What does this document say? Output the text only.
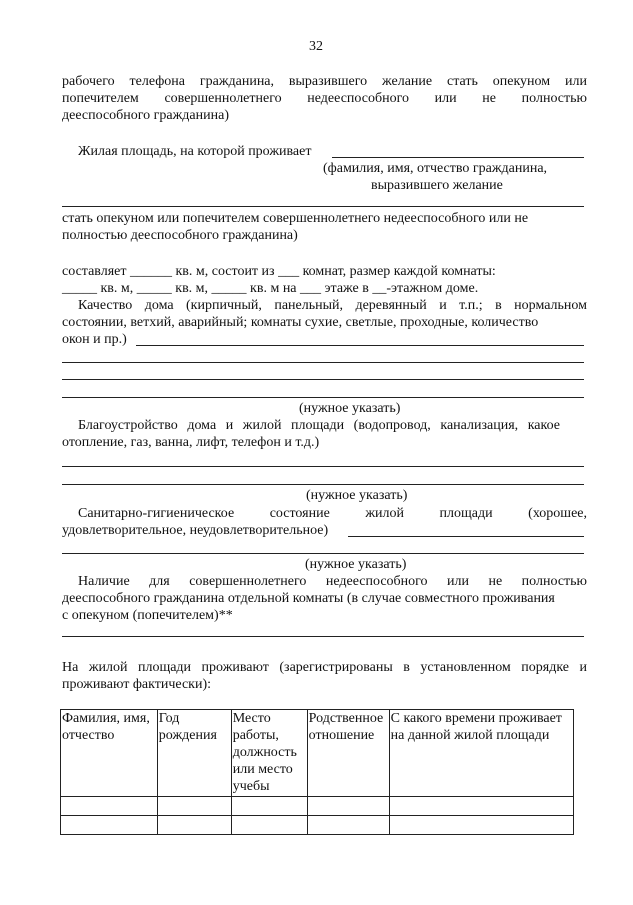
32
рабочего телефона гражданина, выразившего желание стать опекуном или
попечителем совершеннолетнего недееспособного или не полностью
дееспособного гражданина)
Жилая площадь, на которой проживает
(фамилия, имя, отчество гражданина,
выразившего желание
стать опекуном или попечителем совершеннолетнего недееспособного или не
полностью дееспособного гражданина)
составляет ______ кв. м, состоит из ___ комнат, размер каждой комнаты:
_____ кв. м, _____ кв. м, _____ кв. м на ___ этаже в __-этажном доме.
Качество дома (кирпичный, панельный, деревянный и т.п.; в нормальном
состоянии, ветхий, аварийный; комнаты сухие, светлые, проходные, количество
окон и пр.)
(нужное указать)
Благоустройство дома и жилой площади (водопровод, канализация, какое
отопление, газ, ванна, лифт, телефон и т.д.)
(нужное указать)
Санитарно-гигиеническое состояние жилой площади (хорошее,
удовлетворительное, неудовлетворительное)
(нужное указать)
Наличие для совершеннолетнего недееспособного или не полностью
дееспособного гражданина отдельной комнаты (в случае совместного проживания
с опекуном (попечителем)**
На жилой площади проживают (зарегистрированы в установленном порядке и
проживают фактически):
Фамилия, имя, отчество	Год рождения	Место работы, должность или место учебы	Родственное отношение	С какого времени проживает на данной жилой площади
